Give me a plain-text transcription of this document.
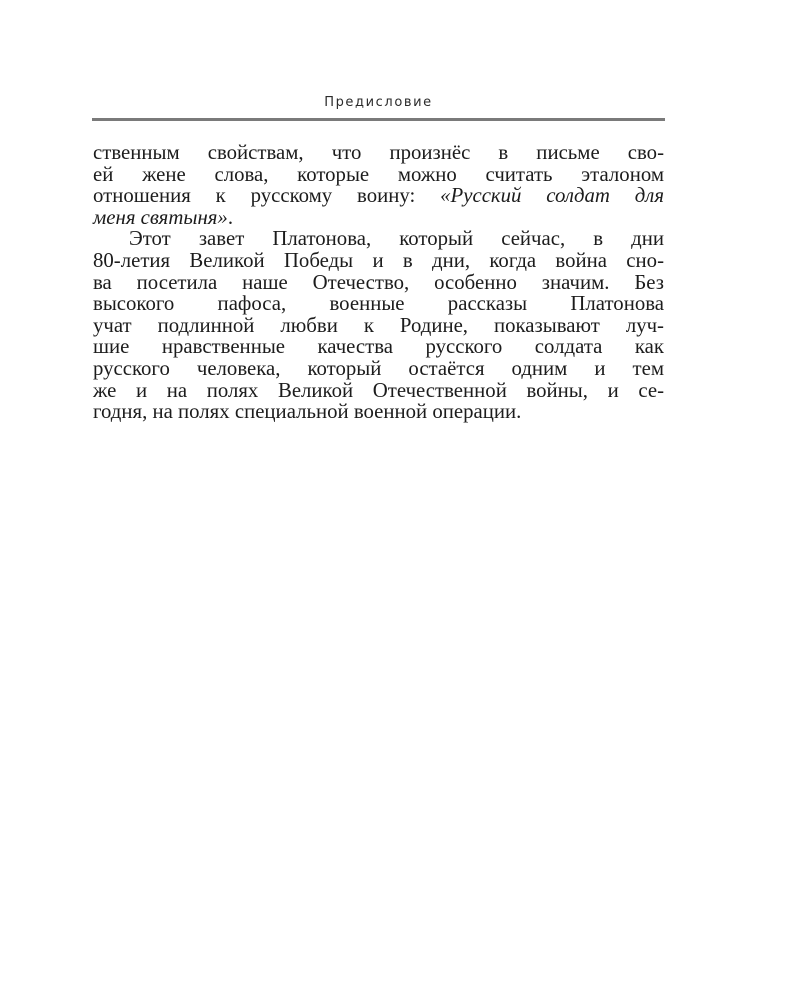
Предисловие
ственным свойствам, что произнёс в письме сво-
ей жене слова, которые можно считать эталоном
отношения к русскому воину: «Русский солдат для
меня святыня».
Этот завет Платонова, который сейчас, в дни
80-летия Великой Победы и в дни, когда война сно-
ва посетила наше Отечество, особенно значим. Без
высокого пафоса, военные рассказы Платонова
учат подлинной любви к Родине, показывают луч-
шие нравственные качества русского солдата как
русского человека, который остаётся одним и тем
же и на полях Великой Отечественной войны, и се-
годня, на полях специальной военной операции.
